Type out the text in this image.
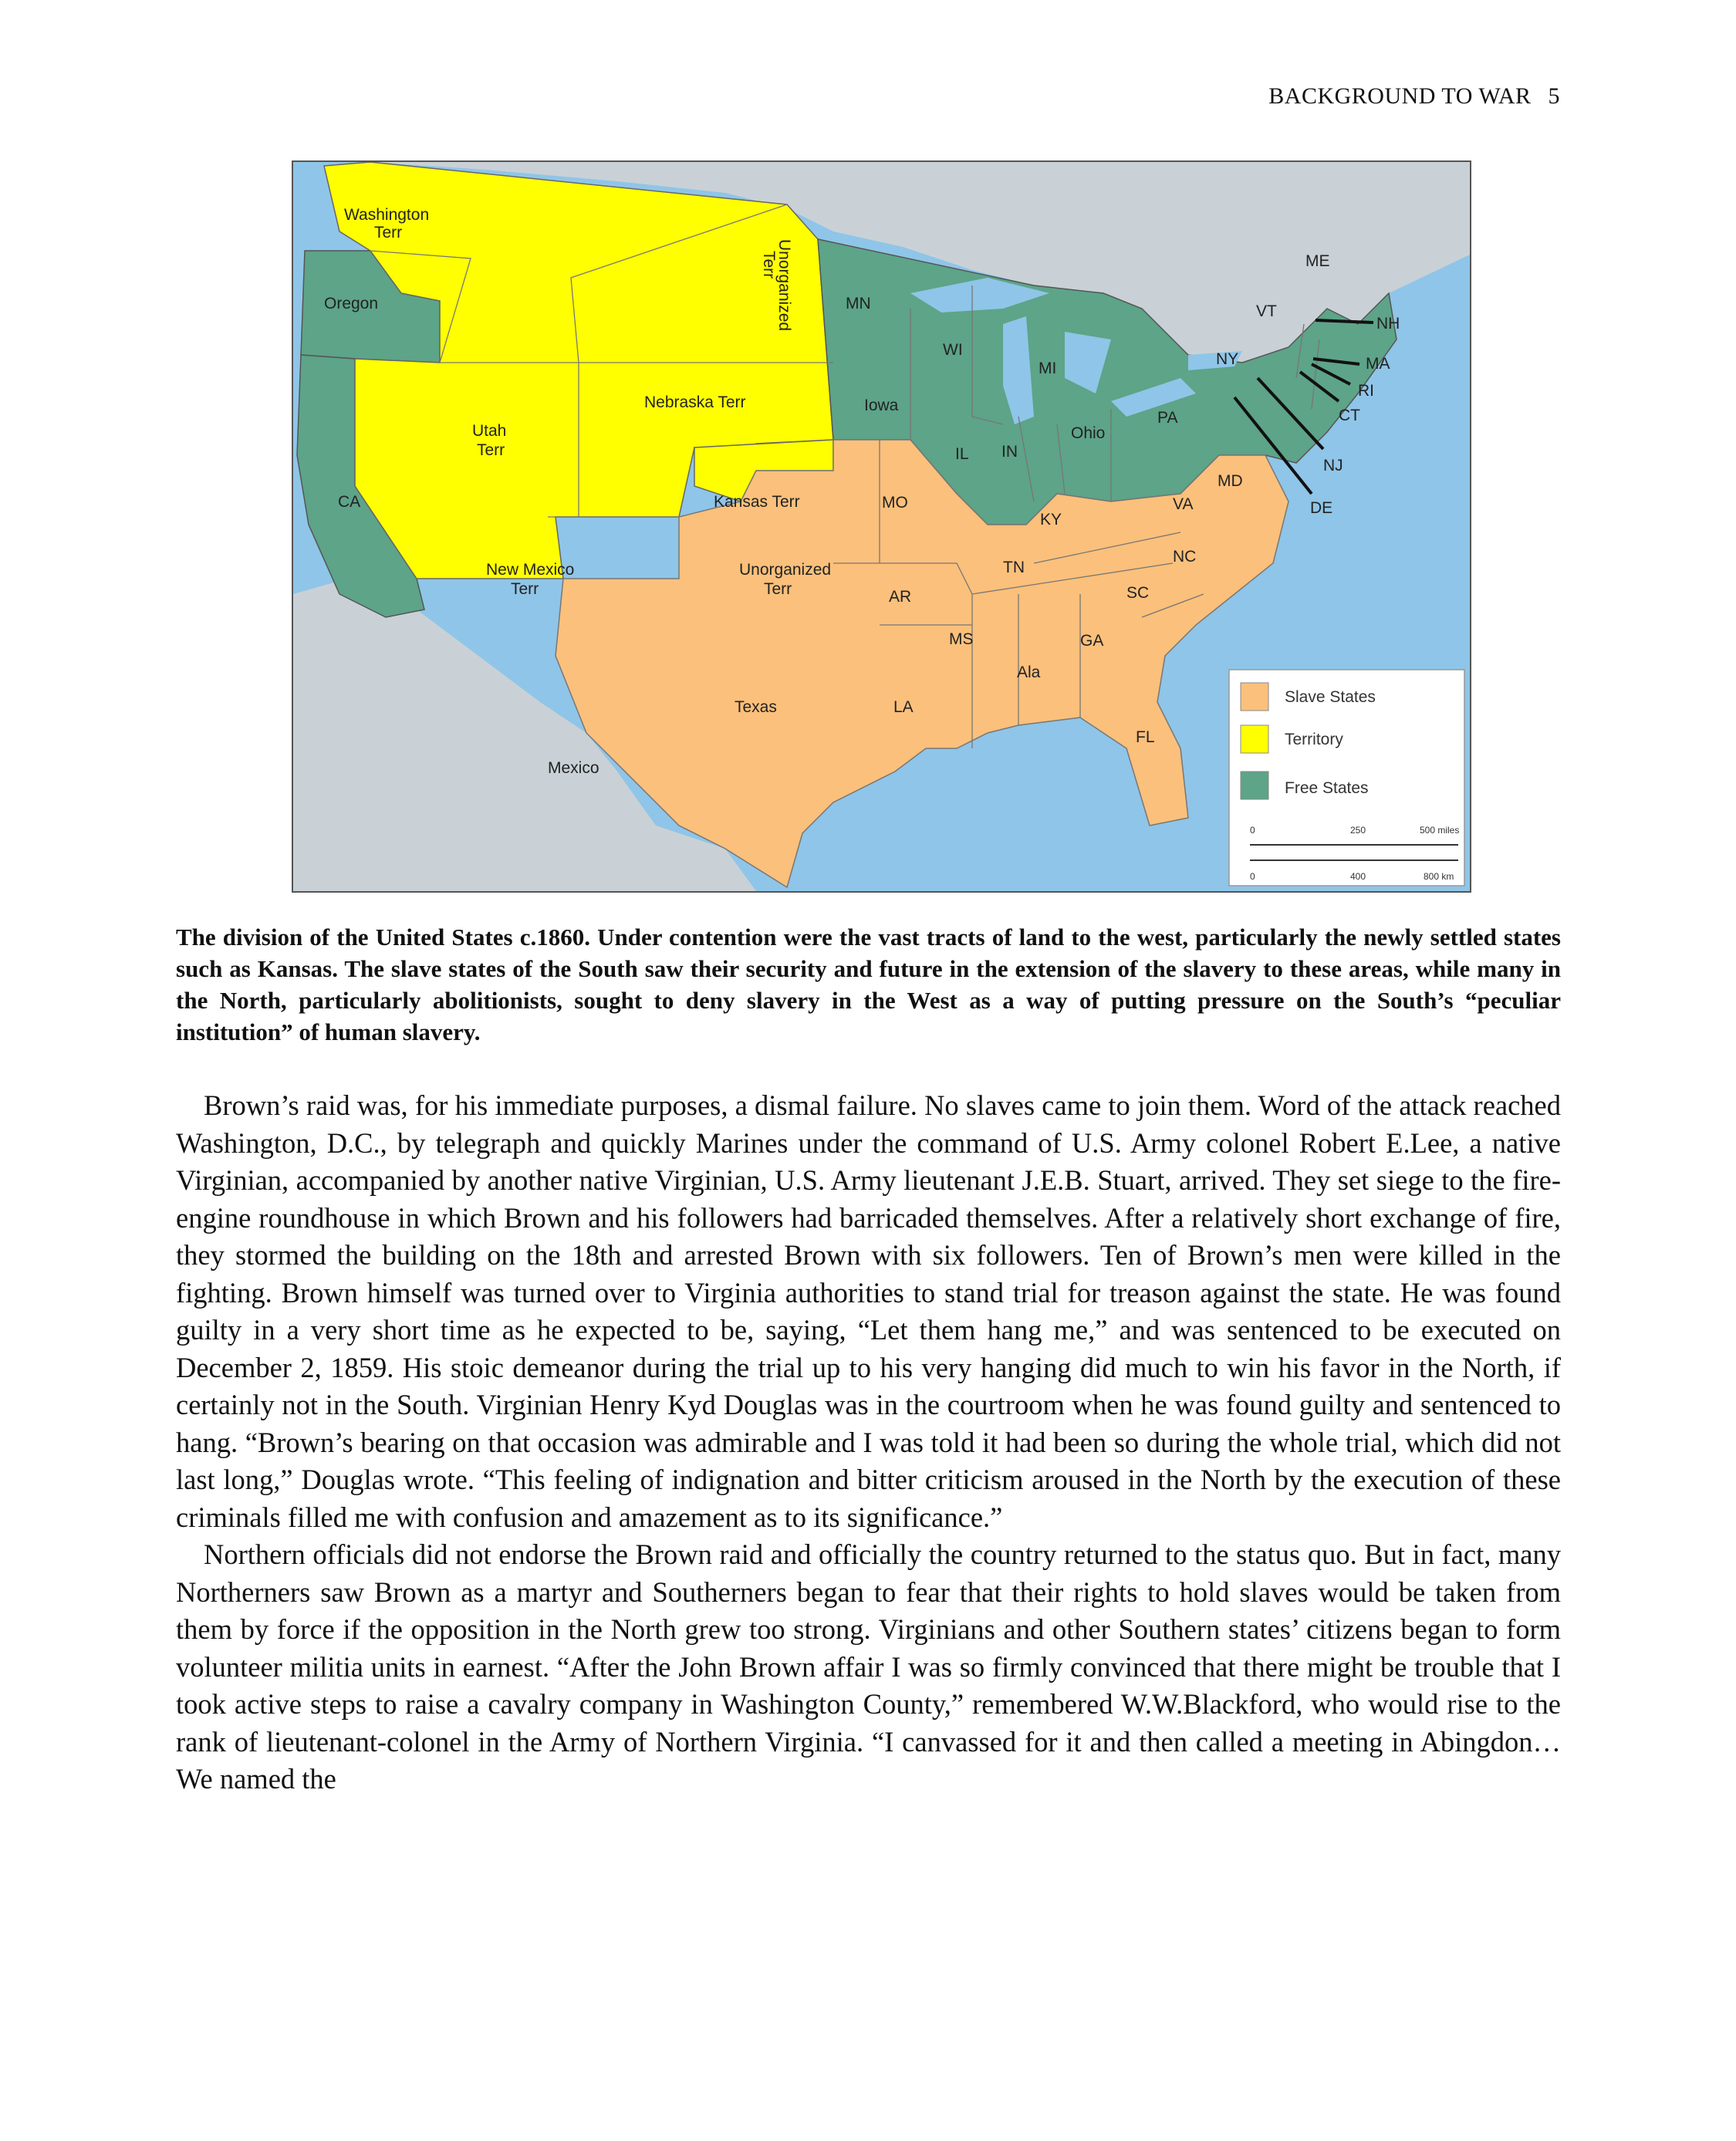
BACKGROUND TO WAR 5
Washington
Terr
Oregon
CA
Utah
Terr
New Mexico
Terr
Nebraska Terr
Kansas Terr
Unorganized
Terr
Unorganized
Terr
Mexico
Texas
MN
Iowa
WI
MI
IL IN
Ohio
PA
NY
VT
ME
NH
MA
RI
CT
NJ
DE
MD
MO
KY
VA
NC
TN
SC
AR
MS	GA
Ala
LA
FL
Slave States
Territory
Free States
0	250	500 miles
0	400	800 km
The division of the United States c.1860. Under contention were the vast tracts of land to the west, particularly the newly settled states such as Kansas. The slave states of the South saw their security and future in the extension of the slavery to these areas, while many in the North, particularly abolitionists, sought to deny slavery in the West as a way of putting pressure on the South’s “peculiar institution” of human slavery.

Brown’s raid was, for his immediate purposes, a dismal failure. No slaves came to join them. Word of the attack reached Washington, D.C., by telegraph and quickly Marines under the command of U.S. Army colonel Robert E.Lee, a native Virginian, accompanied by another native Virginian, U.S. Army lieutenant J.E.B. Stuart, arrived. They set siege to the fire-engine roundhouse in which Brown and his followers had barricaded themselves. After a relatively short exchange of fire, they stormed the building on the 18th and arrested Brown with six followers. Ten of Brown’s men were killed in the fighting. Brown himself was turned over to Virginia authorities to stand trial for treason against the state. He was found guilty in a very short time as he expected to be, saying, “Let them hang me,” and was sentenced to be executed on December 2, 1859. His stoic demeanor during the trial up to his very hanging did much to win his favor in the North, if certainly not in the South. Virginian Henry Kyd Douglas was in the courtroom when he was found guilty and sentenced to hang. “Brown’s bearing on that occasion was admirable and I was told it had been so during the whole trial, which did not last long,” Douglas wrote. “This feeling of indignation and bitter criticism aroused in the North by the execution of these criminals filled me with confusion and amazement as to its significance.”

Northern officials did not endorse the Brown raid and officially the country returned to the status quo. But in fact, many Northerners saw Brown as a martyr and Southerners began to fear that their rights to hold slaves would be taken from them by force if the opposition in the North grew too strong. Virginians and other Southern states’ citizens began to form volunteer militia units in earnest. “After the John Brown affair I was so firmly convinced that there might be trouble that I took active steps to raise a cavalry company in Washington County,” remembered W.W.Blackford, who would rise to the rank of lieutenant-colonel in the Army of Northern Virginia. “I canvassed for it and then called a meeting in Abingdon… We named the
